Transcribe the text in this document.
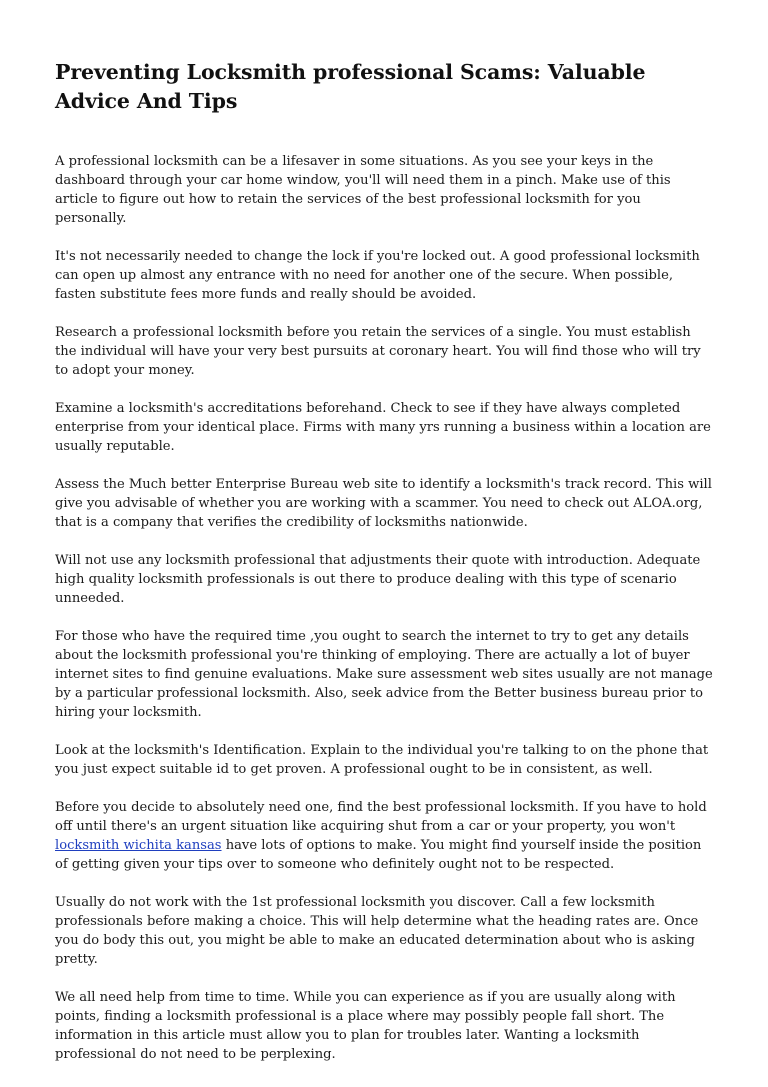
Preventing Locksmith professional Scams: Valuable Advice And Tips

A professional locksmith can be a lifesaver in some situations. As you see your keys in the dashboard through your car home window, you'll will need them in a pinch. Make use of this article to figure out how to retain the services of the best professional locksmith for you personally.

It's not necessarily needed to change the lock if you're locked out. A good professional locksmith can open up almost any entrance with no need for another one of the secure. When possible, fasten substitute fees more funds and really should be avoided.

Research a professional locksmith before you retain the services of a single. You must establish the individual will have your very best pursuits at coronary heart. You will find those who will try to adopt your money.

Examine a locksmith's accreditations beforehand. Check to see if they have always completed enterprise from your identical place. Firms with many yrs running a business within a location are usually reputable.

Assess the Much better Enterprise Bureau web site to identify a locksmith's track record. This will give you advisable of whether you are working with a scammer. You need to check out ALOA.org, that is a company that verifies the credibility of locksmiths nationwide.

Will not use any locksmith professional that adjustments their quote with introduction. Adequate high quality locksmith professionals is out there to produce dealing with this type of scenario unneeded.

For those who have the required time ,you ought to search the internet to try to get any details about the locksmith professional you're thinking of employing. There are actually a lot of buyer internet sites to find genuine evaluations. Make sure assessment web sites usually are not manage by a particular professional locksmith. Also, seek advice from the Better business bureau prior to hiring your locksmith.

Look at the locksmith's Identification. Explain to the individual you're talking to on the phone that you just expect suitable id to get proven. A professional ought to be in consistent, as well.

Before you decide to absolutely need one, find the best professional locksmith. If you have to hold off until there's an urgent situation like acquiring shut from a car or your property, you won't locksmith wichita kansas have lots of options to make. You might find yourself inside the position of getting given your tips over to someone who definitely ought not to be respected.

Usually do not work with the 1st professional locksmith you discover. Call a few locksmith professionals before making a choice. This will help determine what the heading rates are. Once you do body this out, you might be able to make an educated determination about who is asking pretty.

We all need help from time to time. While you can experience as if you are usually along with points, finding a locksmith professional is a place where may possibly people fall short. The information in this article must allow you to plan for troubles later. Wanting a locksmith professional do not need to be perplexing.
